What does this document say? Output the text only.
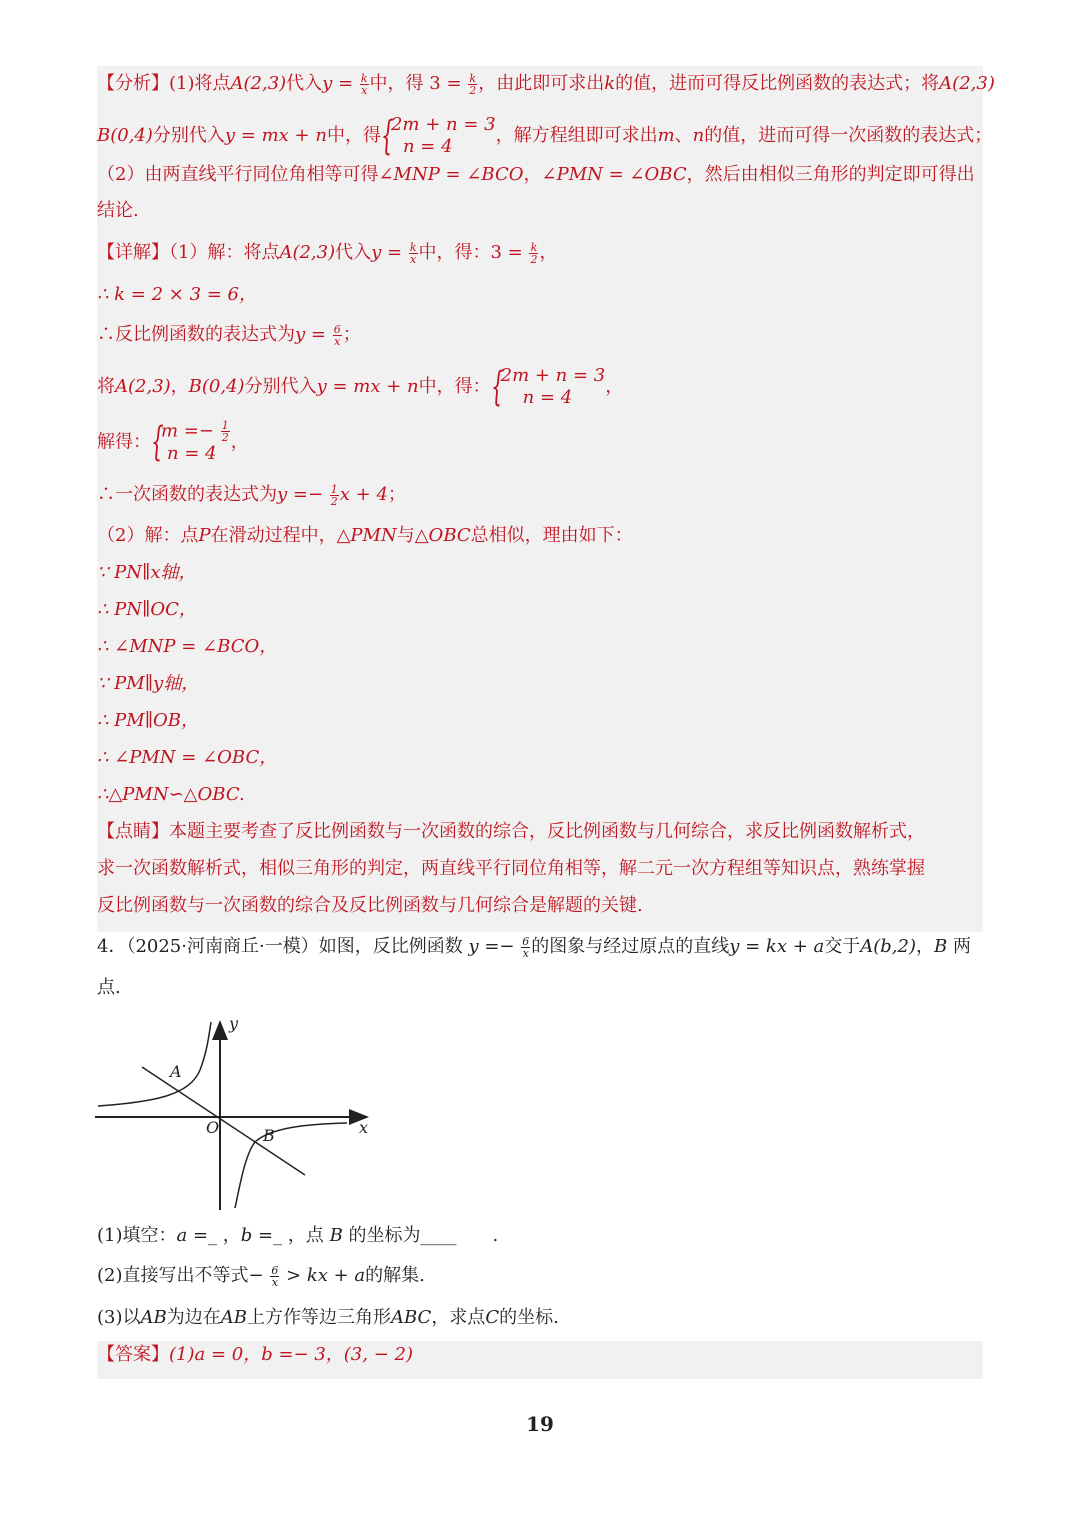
【分析】(1)将点A(2,3)代入$y = \frac{k}{x}$ 中，得 $3 = \frac{k}{2}$ ，由此即可求出k的值，进而可得反比例函数的表达式；将A(2,3)
B(0,4)分别代入y = mx + n中，得 {
2m + n = 3
n = 4
，解方程组即可求出m、n的值，进而可得一次函数的表达式；
（2）由两直线平行同位角相等可得∠MNP = ∠BCO，∠PMN = ∠OBC，然后由相似三角形的判定即可得出
结论.
【详解】（1）解：将点A(2,3)代入$y = \frac{k}{x}$ 中，得：$3 = \frac{k}{2}$ ，
∴ k = 2 × 3 = 6，
∴反比例函数的表达式为$y = \frac{6}{x}$ ；
将A(2,3)，B(0,4)分别代入y = mx + n中，得： {
2m + n = 3
n = 4
，
解得： {
$m =- \frac{1}{2}$
n = 4
，
∴一次函数的表达式为$y =- \frac{1}{2}$ x + 4；
（2）解：点P在滑动过程中，△PMN与△OBC总相似，理由如下：
∵ PN∥x轴，
∴ PN∥OC，
∴ ∠MNP = ∠BCO，
∵ PM∥y轴，
∴ PM∥OB，
∴ ∠PMN = ∠OBC，
∴△PMN∽△OBC.
【点睛】本题主要考查了反比例函数与一次函数的综合，反比例函数与几何综合，求反比例函数解析式，
求一次函数解析式，相似三角形的判定，两直线平行同位角相等，解二元一次方程组等知识点，熟练掌握
反比例函数与一次函数的综合及反比例函数与几何综合是解题的关键.
4．（2025·河南商丘·一模）如图，反比例函数 $y =- \frac{6}{x}$ 的图象与经过原点的直线y = kx + a交于A(b,2)，B 两
点.
y
x
O
A
B
(1)填空：a =_ ，b =_ ，点 B 的坐标为____　　.
(2)直接写出不等式− $\frac{6}{x}$ > kx + a的解集.
(3)以AB为边在AB上方作等边三角形ABC，求点C的坐标.
【答案】(1)a = 0，b =− 3，(3, − 2)
19
